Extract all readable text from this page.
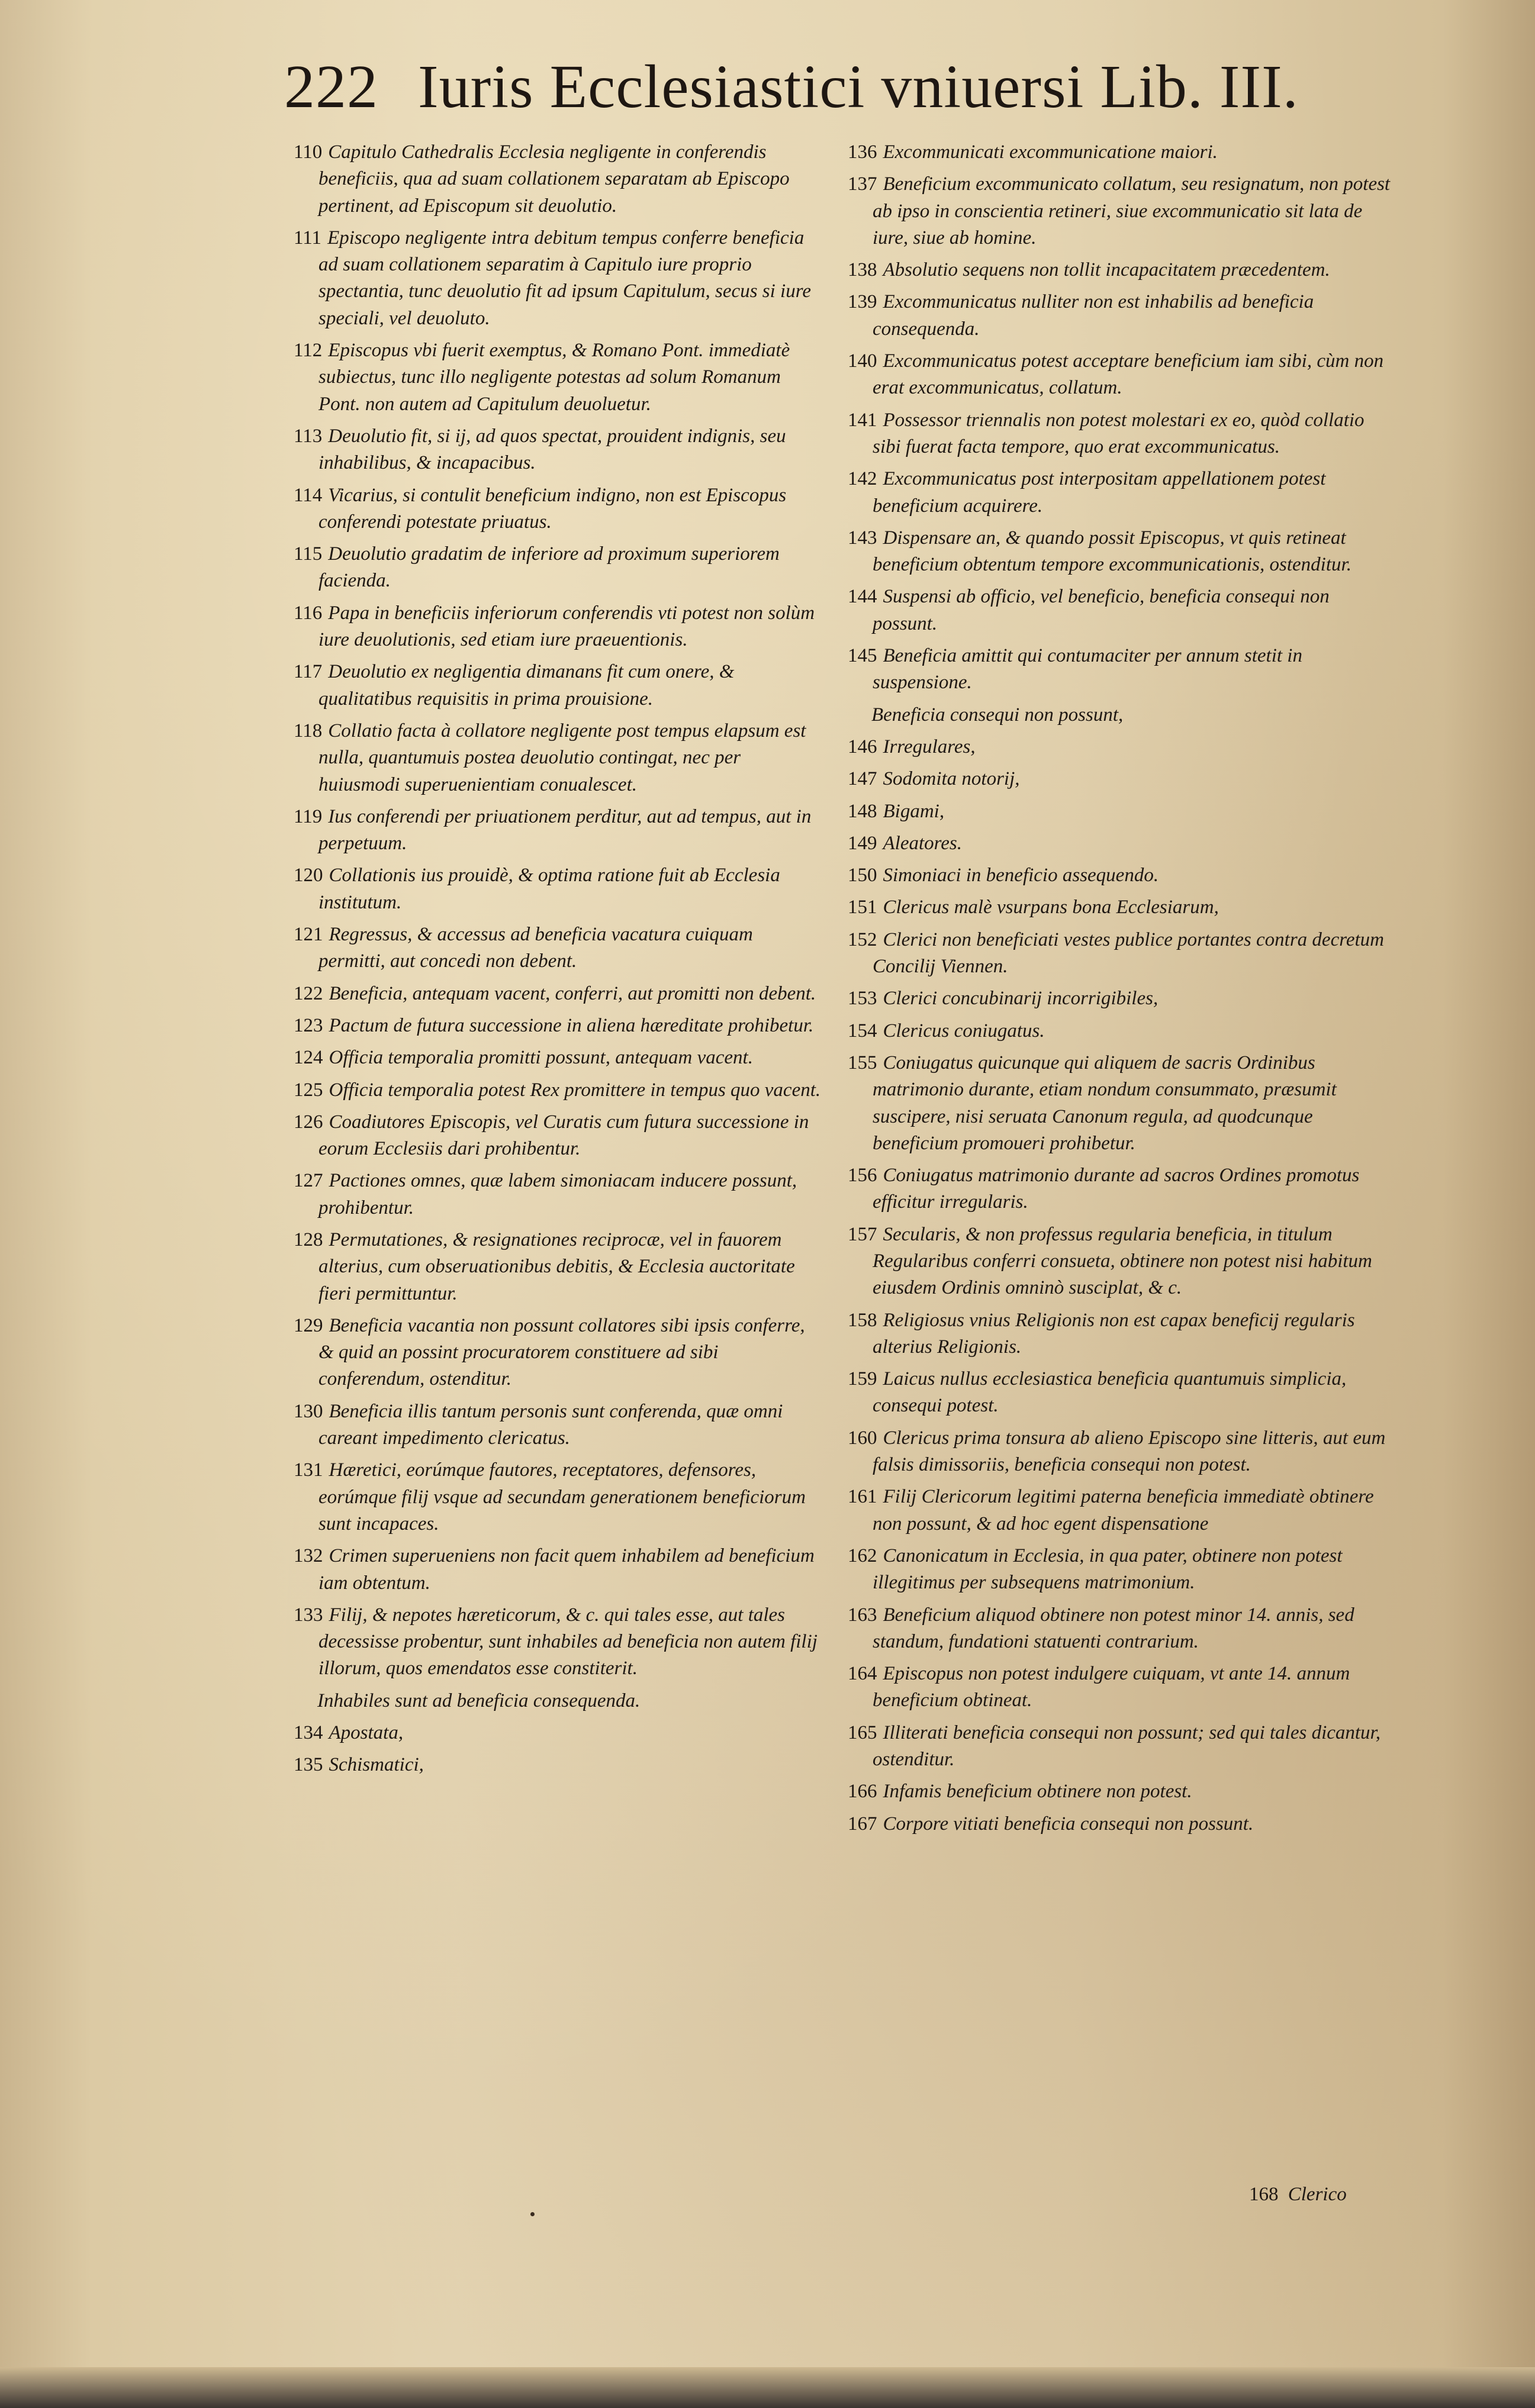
222 Iuris Ecclesiastici vniuersi Lib. III.
110 Capitulo Cathedralis Ecclesia negligente in conferendis beneficiis, qua ad suam collationem separatam ab Episcopo pertinent, ad Episcopum sit deuolutio.
111 Episcopo negligente intra debitum tempus conferre beneficia ad suam collationem separatim à Capitulo iure proprio spectantia, tunc deuolutio fit ad ipsum Capitulum, secus si iure speciali, vel deuoluto.
112 Episcopus vbi fuerit exemptus, & Romano Pont. immediatè subiectus, tunc illo negligente potestas ad solum Romanum Pont. non autem ad Capitulum deuoluetur.
113 Deuolutio fit, si ij, ad quos spectat, prouident indignis, seu inhabilibus, & incapacibus.
114 Vicarius, si contulit beneficium indigno, non est Episcopus conferendi potestate priuatus.
115 Deuolutio gradatim de inferiore ad proximum superiorem facienda.
116 Papa in beneficiis inferiorum conferendis vti potest non solùm iure deuolutionis, sed etiam iure praeuentionis.
117 Deuolutio ex negligentia dimanans fit cum onere, & qualitatibus requisitis in prima prouisione.
118 Collatio facta à collatore negligente post tempus elapsum est nulla, quantumuis postea deuolutio contingat, nec per huiusmodi superuenientiam conualescet.
119 Ius conferendi per priuationem perditur, aut ad tempus, aut in perpetuum.
120 Collationis ius prouidè, & optima ratione fuit ab Ecclesia institutum.
121 Regressus, & accessus ad beneficia vacatura cuiquam permitti, aut concedi non debent.
122 Beneficia, antequam vacent, conferri, aut promitti non debent.
123 Pactum de futura successione in aliena hæreditate prohibetur.
124 Officia temporalia promitti possunt, antequam vacent.
125 Officia temporalia potest Rex promittere in tempus quo vacent.
126 Coadiutores Episcopis, vel Curatis cum futura successione in eorum Ecclesiis dari prohibentur.
127 Pactiones omnes, quæ labem simoniacam inducere possunt, prohibentur.
128 Permutationes, & resignationes reciprocæ, vel in fauorem alterius, cum obseruationibus debitis, & Ecclesia auctoritate fieri permittuntur.
129 Beneficia vacantia non possunt collatores sibi ipsis conferre, & quid an possint procuratorem constituere ad sibi conferendum, ostenditur.
130 Beneficia illis tantum personis sunt conferenda, quæ omni careant impedimento clericatus.
131 Hæretici, eorúmque fautores, receptatores, defensores, eorúmque filij vsque ad secundam generationem beneficiorum sunt incapaces.
132 Crimen superueniens non facit quem inhabilem ad beneficium iam obtentum.
133 Filij, & nepotes hæreticorum, & c. qui tales esse, aut tales decessisse probentur, sunt inhabiles ad beneficia non autem filij illorum, quos emendatos esse constiterit.
Inhabiles sunt ad beneficia consequenda.
134 Apostata,
135 Schismatici,
136 Excommunicati excommunicatione maiori.
137 Beneficium excommunicato collatum, seu resignatum, non potest ab ipso in conscientia retineri, siue excommunicatio sit lata de iure, siue ab homine.
138 Absolutio sequens non tollit incapacitatem præcedentem.
139 Excommunicatus nulliter non est inhabilis ad beneficia consequenda.
140 Excommunicatus potest acceptare beneficium iam sibi, cùm non erat excommunicatus, collatum.
141 Possessor triennalis non potest molestari ex eo, quòd collatio sibi fuerat facta tempore, quo erat excommunicatus.
142 Excommunicatus post interpositam appellationem potest beneficium acquirere.
143 Dispensare an, & quando possit Episcopus, vt quis retineat beneficium obtentum tempore excommunicationis, ostenditur.
144 Suspensi ab officio, vel beneficio, beneficia consequi non possunt.
145 Beneficia amittit qui contumaciter per annum stetit in suspensione.
Beneficia consequi non possunt,
146 Irregulares,
147 Sodomita notorij,
148 Bigami,
149 Aleatores.
150 Simoniaci in beneficio assequendo.
151 Clericus malè vsurpans bona Ecclesiarum,
152 Clerici non beneficiati vestes publice portantes contra decretum Concilij Viennen.
153 Clerici concubinarij incorrigibiles,
154 Clericus coniugatus.
155 Coniugatus quicunque qui aliquem de sacris Ordinibus matrimonio durante, etiam nondum consummato, præsumit suscipere, nisi seruata Canonum regula, ad quodcunque beneficium promoueri prohibetur.
156 Coniugatus matrimonio durante ad sacros Ordines promotus efficitur irregularis.
157 Secularis, & non professus regularia beneficia, in titulum Regularibus conferri consueta, obtinere non potest nisi habitum eiusdem Ordinis omninò susciplat, & c.
158 Religiosus vnius Religionis non est capax beneficij regularis alterius Religionis.
159 Laicus nullus ecclesiastica beneficia quantumuis simplicia, consequi potest.
160 Clericus prima tonsura ab alieno Episcopo sine litteris, aut eum falsis dimissoriis, beneficia consequi non potest.
161 Filij Clericorum legitimi paterna beneficia immediatè obtinere non possunt, & ad hoc egent dispensatione
162 Canonicatum in Ecclesia, in qua pater, obtinere non potest illegitimus per subsequens matrimonium.
163 Beneficium aliquod obtinere non potest minor 14. annis, sed standum, fundationi statuenti contrarium.
164 Episcopus non potest indulgere cuiquam, vt ante 14. annum beneficium obtineat.
165 Illiterati beneficia consequi non possunt; sed qui tales dicantur, ostenditur.
166 Infamis beneficium obtinere non potest.
167 Corpore vitiati beneficia consequi non possunt.
168 Clerico
